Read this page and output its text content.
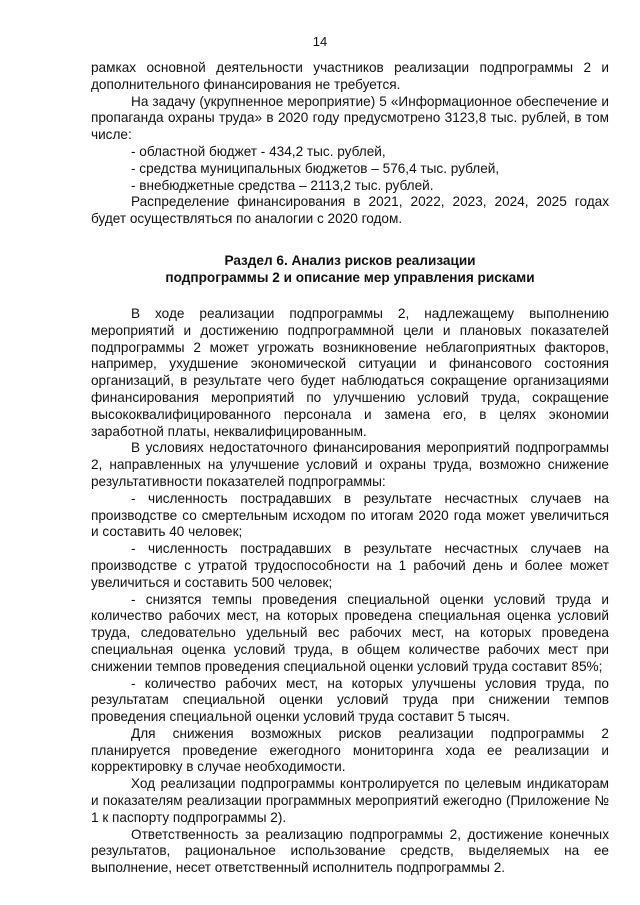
14

рамках основной деятельности участников реализации подпрограммы 2 и дополнительного финансирования не требуется.

На задачу (укрупненное мероприятие) 5 «Информационное обеспечение и пропаганда охраны труда» в 2020 году предусмотрено 3123,8 тыс. рублей, в том числе:

- областной бюджет - 434,2 тыс. рублей,

- средства муниципальных бюджетов – 576,4 тыс. рублей,

- внебюджетные средства – 2113,2 тыс. рублей.

Распределение финансирования в 2021, 2022, 2023, 2024, 2025 годах будет осуществляться по аналогии с 2020 годом.

Раздел 6. Анализ рисков реализации
подпрограммы 2 и описание мер управления рисками

В ходе реализации подпрограммы 2, надлежащему выполнению мероприятий и достижению подпрограммной цели и плановых показателей подпрограммы 2 может угрожать возникновение неблагоприятных факторов, например, ухудшение экономической ситуации и финансового состояния организаций, в результате чего будет наблюдаться сокращение организациями финансирования мероприятий по улучшению условий труда, сокращение высококвалифицированного персонала и замена его, в целях экономии заработной платы, неквалифицированным.

В условиях недостаточного финансирования мероприятий подпрограммы 2, направленных на улучшение условий и охраны труда, возможно снижение результативности показателей подпрограммы:

- численность пострадавших в результате несчастных случаев на производстве со смертельным исходом по итогам 2020 года может увеличиться и составить 40 человек;

- численность пострадавших в результате несчастных случаев на производстве с утратой трудоспособности на 1 рабочий день и более может увеличиться и составить 500 человек;

- снизятся темпы проведения специальной оценки условий труда и количество рабочих мест, на которых проведена специальная оценка условий труда, следовательно удельный вес рабочих мест, на которых проведена специальная оценка условий труда, в общем количестве рабочих мест при снижении темпов проведения специальной оценки условий труда составит 85%;

- количество рабочих мест, на которых улучшены условия труда, по результатам специальной оценки условий труда при снижении темпов проведения специальной оценки условий труда составит 5 тысяч.

Для снижения возможных рисков реализации подпрограммы 2 планируется проведение ежегодного мониторинга хода ее реализации и корректировку в случае необходимости.

Ход реализации подпрограммы контролируется по целевым индикаторам и показателям реализации программных мероприятий ежегодно (Приложение № 1 к паспорту подпрограммы 2).

Ответственность за реализацию подпрограммы 2, достижение конечных результатов, рациональное использование средств, выделяемых на ее выполнение, несет ответственный исполнитель подпрограммы 2.
